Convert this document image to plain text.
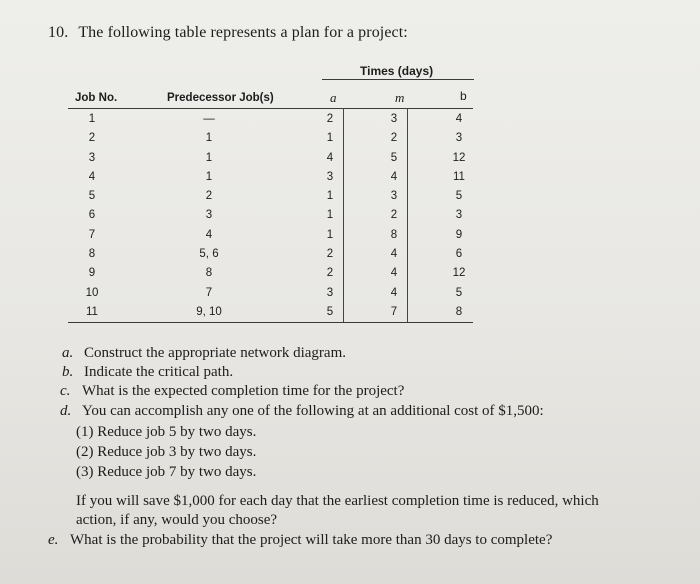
10. The following table represents a plan for a project:
Times (days)
Job No.	Predecessor Job(s)	a	m	b
1	—	2	3	4
2	1	1	2	3
3	1	4	5	12
4	1	3	4	11
5	2	1	3	5
6	3	1	2	3
7	4	1	8	9
8	5, 6	2	4	6
9	8	2	4	12
10	7	3	4	5
11	9, 10	5	7	8
a. Construct the appropriate network diagram.
b. Indicate the critical path.
c. What is the expected completion time for the project?
d. You can accomplish any one of the following at an additional cost of $1,500:
(1) Reduce job 5 by two days.
(2) Reduce job 3 by two days.
(3) Reduce job 7 by two days.
If you will save $1,000 for each day that the earliest completion time is reduced, which
action, if any, would you choose?
e. What is the probability that the project will take more than 30 days to complete?
